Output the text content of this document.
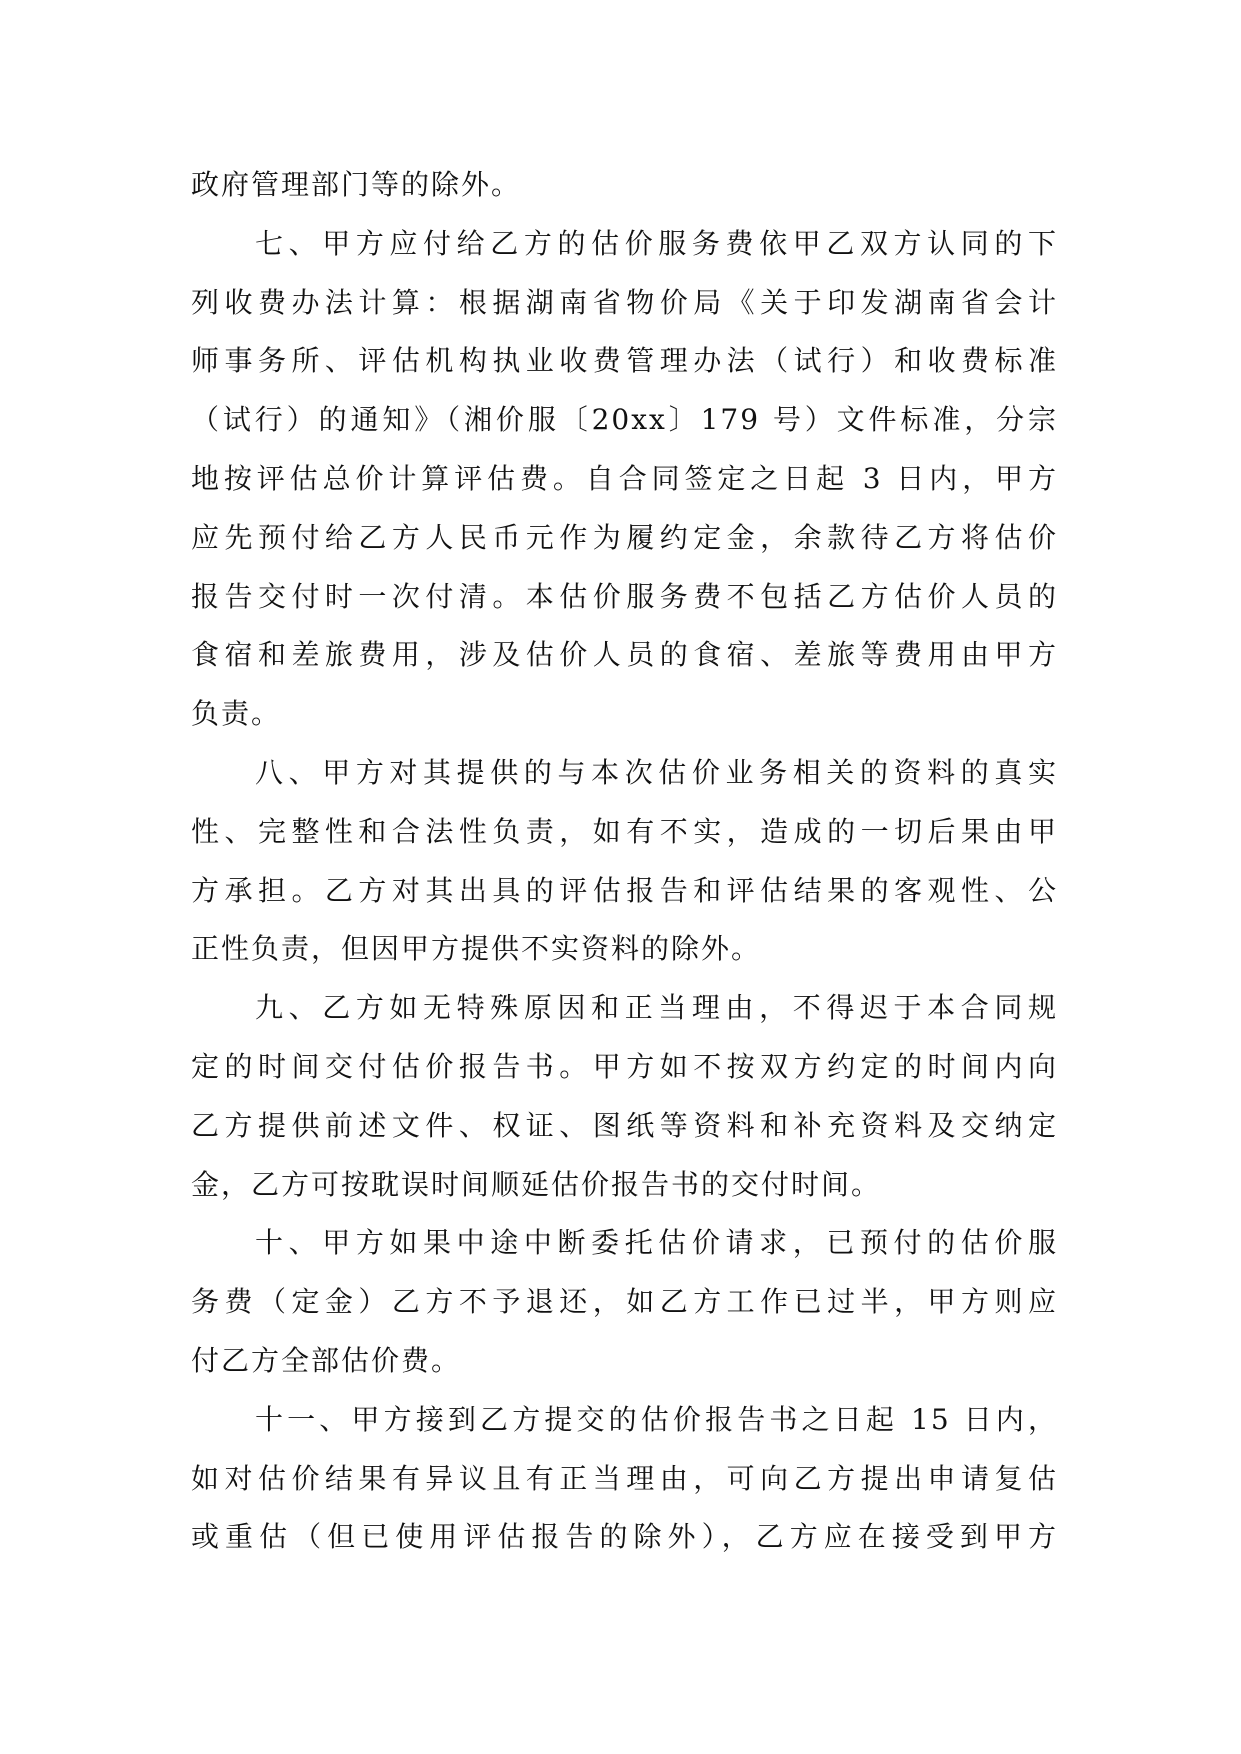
政府管理部门等的除外。
七、甲方应付给乙方的估价服务费依甲乙双方认同的下
列收费办法计算：根据湖南省物价局《关于印发湖南省会计
师事务所、评估机构执业收费管理办法（试行）和收费标准
（试行）的通知》（湘价服〔20xx〕179 号）文件标准，分宗
地按评估总价计算评估费。自合同签定之日起 3 日内，甲方
应先预付给乙方人民币元作为履约定金，余款待乙方将估价
报告交付时一次付清。本估价服务费不包括乙方估价人员的
食宿和差旅费用，涉及估价人员的食宿、差旅等费用由甲方
负责。
八、甲方对其提供的与本次估价业务相关的资料的真实
性、完整性和合法性负责，如有不实，造成的一切后果由甲
方承担。乙方对其出具的评估报告和评估结果的客观性、公
正性负责，但因甲方提供不实资料的除外。
九、乙方如无特殊原因和正当理由，不得迟于本合同规
定的时间交付估价报告书。甲方如不按双方约定的时间内向
乙方提供前述文件、权证、图纸等资料和补充资料及交纳定
金，乙方可按耽误时间顺延估价报告书的交付时间。
十、甲方如果中途中断委托估价请求，已预付的估价服
务费（定金）乙方不予退还，如乙方工作已过半，甲方则应
付乙方全部估价费。
十一、甲方接到乙方提交的估价报告书之日起 15 日内，
如对估价结果有异议且有正当理由，可向乙方提出申请复估
或重估（但已使用评估报告的除外），乙方应在接受到甲方
